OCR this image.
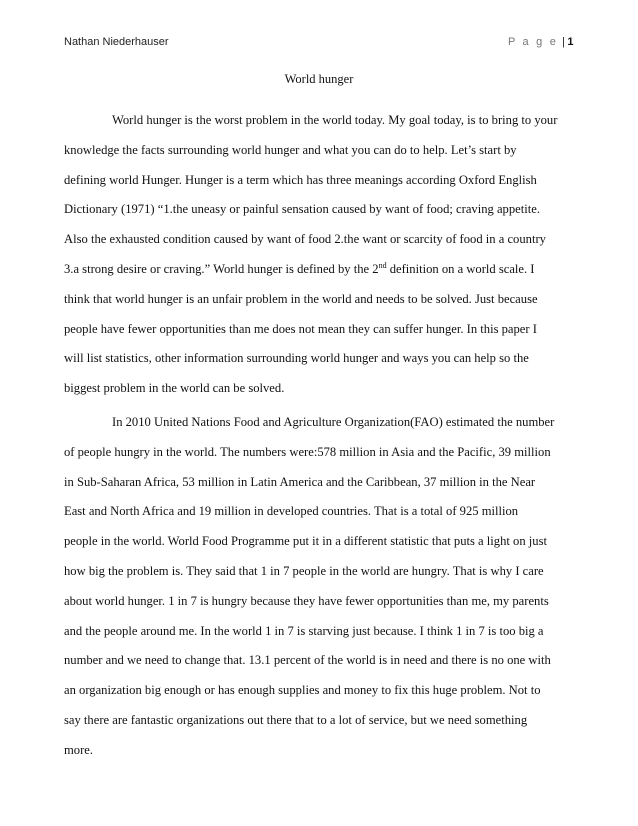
Nathan Niederhauser	P a g e | 1
World hunger
World hunger is the worst problem in the world today. My goal today, is to bring to your
knowledge the facts surrounding world hunger and what you can do to help. Let’s start by
defining world Hunger. Hunger is a term which has three meanings according Oxford English
Dictionary (1971) “1.the uneasy or painful sensation caused by want of food; craving appetite.
Also the exhausted condition caused by want of food 2.the want or scarcity of food in a country
3.a strong desire or craving.” World hunger is defined by the 2nd definition on a world scale. I
think that world hunger is an unfair problem in the world and needs to be solved. Just because
people have fewer opportunities than me does not mean they can suffer hunger. In this paper I
will list statistics, other information surrounding world hunger and ways you can help so the
biggest problem in the world can be solved.
In 2010 United Nations Food and Agriculture Organization(FAO) estimated the number
of people hungry in the world. The numbers were:578 million in Asia and the Pacific, 39 million
in Sub-Saharan Africa, 53 million in Latin America and the Caribbean, 37 million in the Near
East and North Africa and 19 million in developed countries. That is a total of 925 million
people in the world. World Food Programme put it in a different statistic that puts a light on just
how big the problem is. They said that 1 in 7 people in the world are hungry. That is why I care
about world hunger. 1 in 7 is hungry because they have fewer opportunities than me, my parents
and the people around me. In the world 1 in 7 is starving just because. I think 1 in 7 is too big a
number and we need to change that. 13.1 percent of the world is in need and there is no one with
an organization big enough or has enough supplies and money to fix this huge problem. Not to
say there are fantastic organizations out there that to a lot of service, but we need something
more.
